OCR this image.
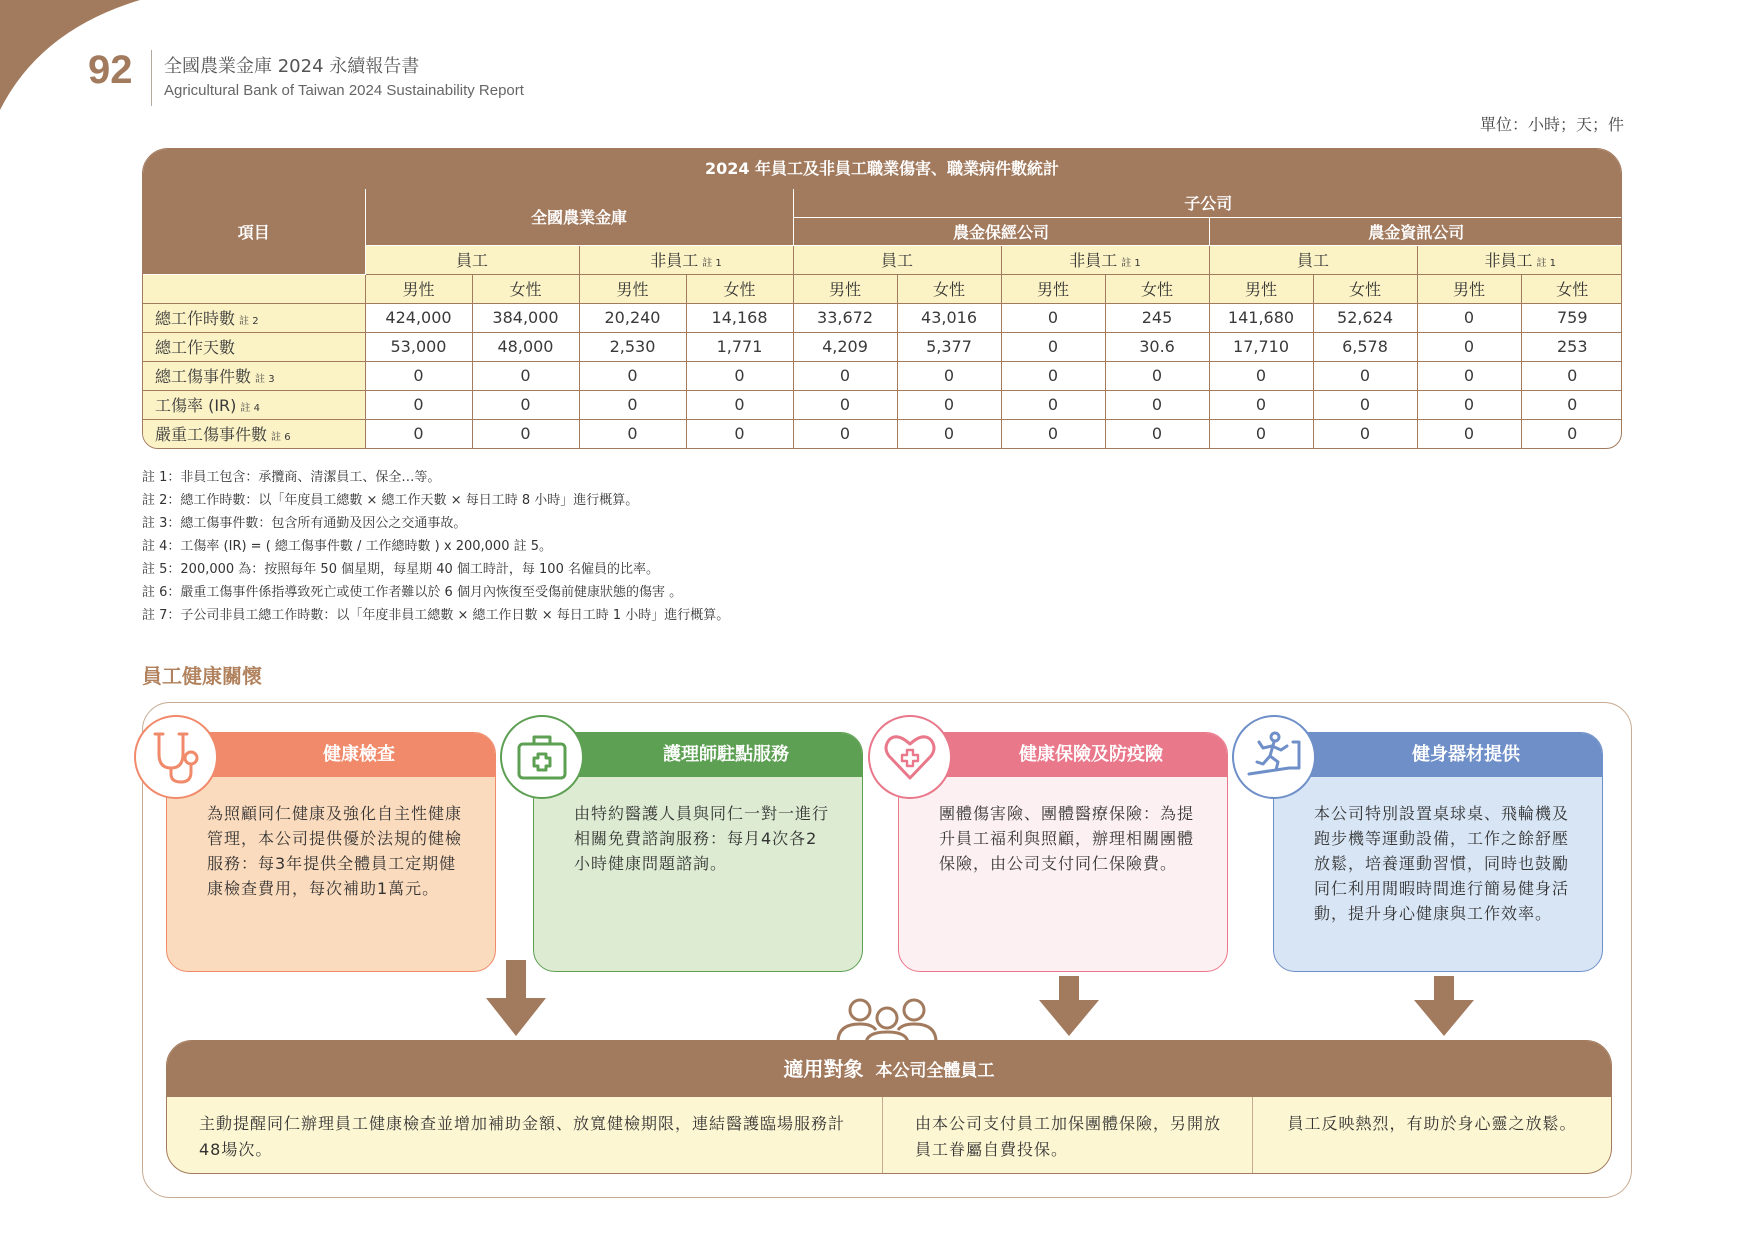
92 全國農業金庫 2024 永續報告書
Agricultural Bank of Taiwan 2024 Sustainability Report
單位：小時；天；件
2024 年員工及非員工職業傷害、職業病件數統計
項目	全國農業金庫				子公司							
					農金保經公司				農金資訊公司			
	員工		非員工 註 1		員工		非員工 註 1		員工		非員工 註 1	
	男性	女性	男性	女性	男性	女性	男性	女性	男性	女性	男性	女性
總工作時數 註 2	424,000	384,000	20,240	14,168	33,672	43,016	0	245	141,680	52,624	0	759
總工作天數	53,000	48,000	2,530	1,771	4,209	5,377	0	30.6	17,710	6,578	0	253
總工傷事件數 註 3	0	0	0	0	0	0	0	0	0	0	0	0
工傷率 (IR) 註 4	0	0	0	0	0	0	0	0	0	0	0	0
嚴重工傷事件數 註 6	0	0	0	0	0	0	0	0	0	0	0	0
註 1：非員工包含：承攬商、清潔員工、保全…等。
註 2：總工作時數：以「年度員工總數 × 總工作天數 × 每日工時 8 小時」進行概算。
註 3：總工傷事件數：包含所有通勤及因公之交通事故。
註 4：工傷率 (IR) = ( 總工傷事件數 / 工作總時數 ) x 200,000 註 5。
註 5：200,000 為：按照每年 50 個星期，每星期 40 個工時計，每 100 名僱員的比率。
註 6：嚴重工傷事件係指導致死亡或使工作者難以於 6 個月內恢復至受傷前健康狀態的傷害 。
註 7：子公司非員工總工作時數：以「年度非員工總數 × 總工作日數 × 每日工時 1 小時」進行概算。
員工健康關懷
健康檢查
為照顧同仁健康及強化自主性健康管理，本公司提供優於法規的健檢服務：每3年提供全體員工定期健康檢查費用，每次補助1萬元。
護理師駐點服務
由特約醫護人員與同仁一對一進行相關免費諮詢服務：每月4次各2小時健康問題諮詢。
健康保險及防疫險
團體傷害險、團體醫療保險：為提升員工福利與照顧，辦理相關團體保險，由公司支付同仁保險費。
健身器材提供
本公司特別設置桌球桌、飛輪機及跑步機等運動設備，工作之餘舒壓放鬆，培養運動習慣，同時也鼓勵同仁利用閒暇時間進行簡易健身活動，提升身心健康與工作效率。
適用對象 本公司全體員工
主動提醒同仁辦理員工健康檢查並增加補助金額、放寬健檢期限，連結醫護臨場服務計48場次。
由本公司支付員工加保團體保險，另開放員工眷屬自費投保。
員工反映熱烈，有助於身心靈之放鬆。
